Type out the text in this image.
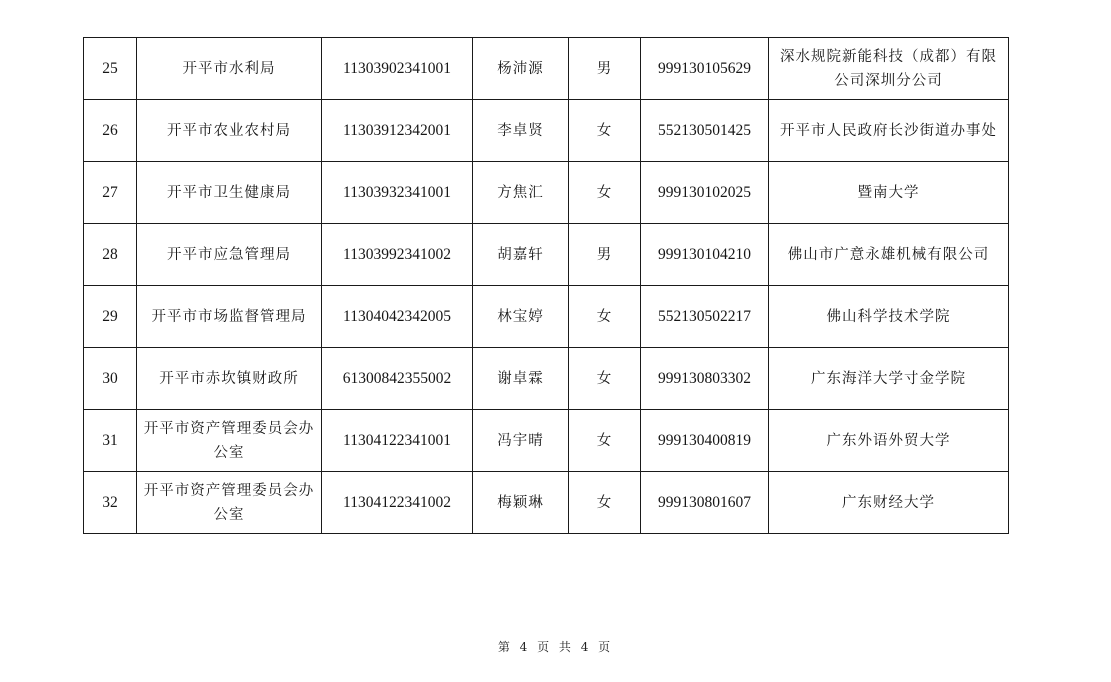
25	开平市水利局	11303902341001	杨沛源	男	999130105629	深水规院新能科技（成都）有限公司深圳分公司
26	开平市农业农村局	11303912342001	李卓贤	女	552130501425	开平市人民政府长沙街道办事处
27	开平市卫生健康局	11303932341001	方焦汇	女	999130102025	暨南大学
28	开平市应急管理局	11303992341002	胡嘉轩	男	999130104210	佛山市广意永雄机械有限公司
29	开平市市场监督管理局	11304042342005	林宝婷	女	552130502217	佛山科学技术学院
30	开平市赤坎镇财政所	61300842355002	谢卓霖	女	999130803302	广东海洋大学寸金学院
31	开平市资产管理委员会办公室	11304122341001	冯宇晴	女	999130400819	广东外语外贸大学
32	开平市资产管理委员会办公室	11304122341002	梅颖琳	女	999130801607	广东财经大学
第 4 页 共 4 页
